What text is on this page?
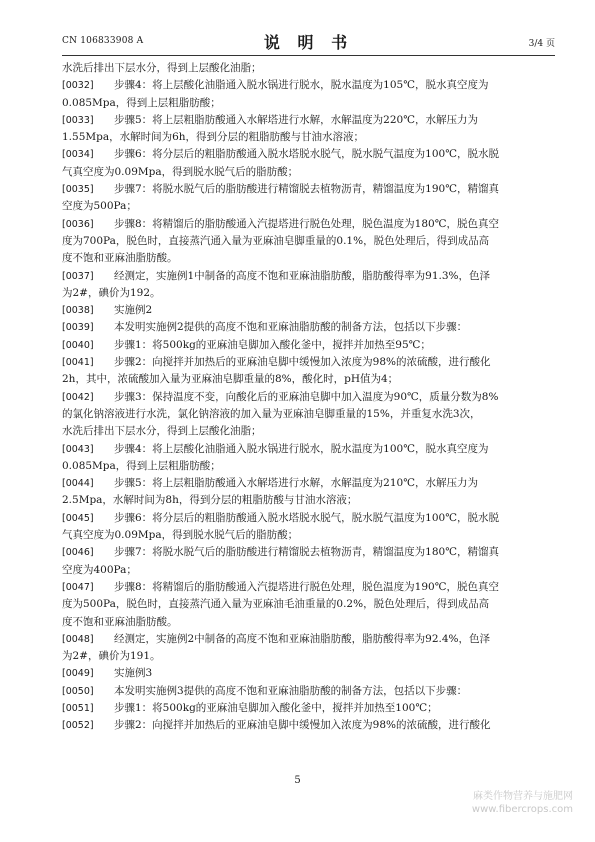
CN 106833908 A	说 明 书	3/4 页
水洗后排出下层水分，得到上层酸化油脂；
[0032] 步骤4：将上层酸化油脂通入脱水锅进行脱水，脱水温度为105℃，脱水真空度为
0.085Mpa，得到上层粗脂肪酸；
[0033] 步骤5：将上层粗脂肪酸通入水解塔进行水解，水解温度为220℃，水解压力为
1.55Mpa，水解时间为6h，得到分层的粗脂肪酸与甘油水溶液；
[0034] 步骤6：将分层后的粗脂肪酸通入脱水塔脱水脱气，脱水脱气温度为100℃，脱水脱
气真空度为0.09Mpa，得到脱水脱气后的脂肪酸；
[0035] 步骤7：将脱水脱气后的脂肪酸进行精馏脱去植物沥青，精馏温度为190℃，精馏真
空度为500Pa；
[0036] 步骤8：将精馏后的脂肪酸通入汽提塔进行脱色处理，脱色温度为180℃，脱色真空
度为700Pa，脱色时，直接蒸汽通入量为亚麻油皂脚重量的0.1%，脱色处理后，得到成品高
度不饱和亚麻油脂肪酸。
[0037] 经测定，实施例1中制备的高度不饱和亚麻油脂肪酸，脂肪酸得率为91.3%，色泽
为2#，碘价为192。
[0038] 实施例2
[0039] 本发明实施例2提供的高度不饱和亚麻油脂肪酸的制备方法，包括以下步骤：
[0040] 步骤1：将500kg的亚麻油皂脚加入酸化釜中，搅拌并加热至95℃；
[0041] 步骤2：向搅拌并加热后的亚麻油皂脚中缓慢加入浓度为98%的浓硫酸，进行酸化
2h，其中，浓硫酸加入量为亚麻油皂脚重量的8%，酸化时，pH值为4；
[0042] 步骤3：保持温度不变，向酸化后的亚麻油皂脚中加入温度为90℃，质量分数为8%
的氯化钠溶液进行水洗，氯化钠溶液的加入量为亚麻油皂脚重量的15%，并重复水洗3次，
水洗后排出下层水分，得到上层酸化油脂；
[0043] 步骤4：将上层酸化油脂通入脱水锅进行脱水，脱水温度为100℃，脱水真空度为
0.085Mpa，得到上层粗脂肪酸；
[0044] 步骤5：将上层粗脂肪酸通入水解塔进行水解，水解温度为210℃，水解压力为
2.5Mpa，水解时间为8h，得到分层的粗脂肪酸与甘油水溶液；
[0045] 步骤6：将分层后的粗脂肪酸通入脱水塔脱水脱气，脱水脱气温度为100℃，脱水脱
气真空度为0.09Mpa，得到脱水脱气后的脂肪酸；
[0046] 步骤7：将脱水脱气后的脂肪酸进行精馏脱去植物沥青，精馏温度为180℃，精馏真
空度为400Pa；
[0047] 步骤8：将精馏后的脂肪酸通入汽提塔进行脱色处理，脱色温度为190℃，脱色真空
度为500Pa，脱色时，直接蒸汽通入量为亚麻油毛油重量的0.2%，脱色处理后，得到成品高
度不饱和亚麻油脂肪酸。
[0048] 经测定，实施例2中制备的高度不饱和亚麻油脂肪酸，脂肪酸得率为92.4%，色泽
为2#，碘价为191。
[0049] 实施例3
[0050] 本发明实施例3提供的高度不饱和亚麻油脂肪酸的制备方法，包括以下步骤：
[0051] 步骤1：将500kg的亚麻油皂脚加入酸化釜中，搅拌并加热至100℃；
[0052] 步骤2：向搅拌并加热后的亚麻油皂脚中缓慢加入浓度为98%的浓硫酸，进行酸化
5
麻类作物营养与施肥网
www.fibercrops.com
